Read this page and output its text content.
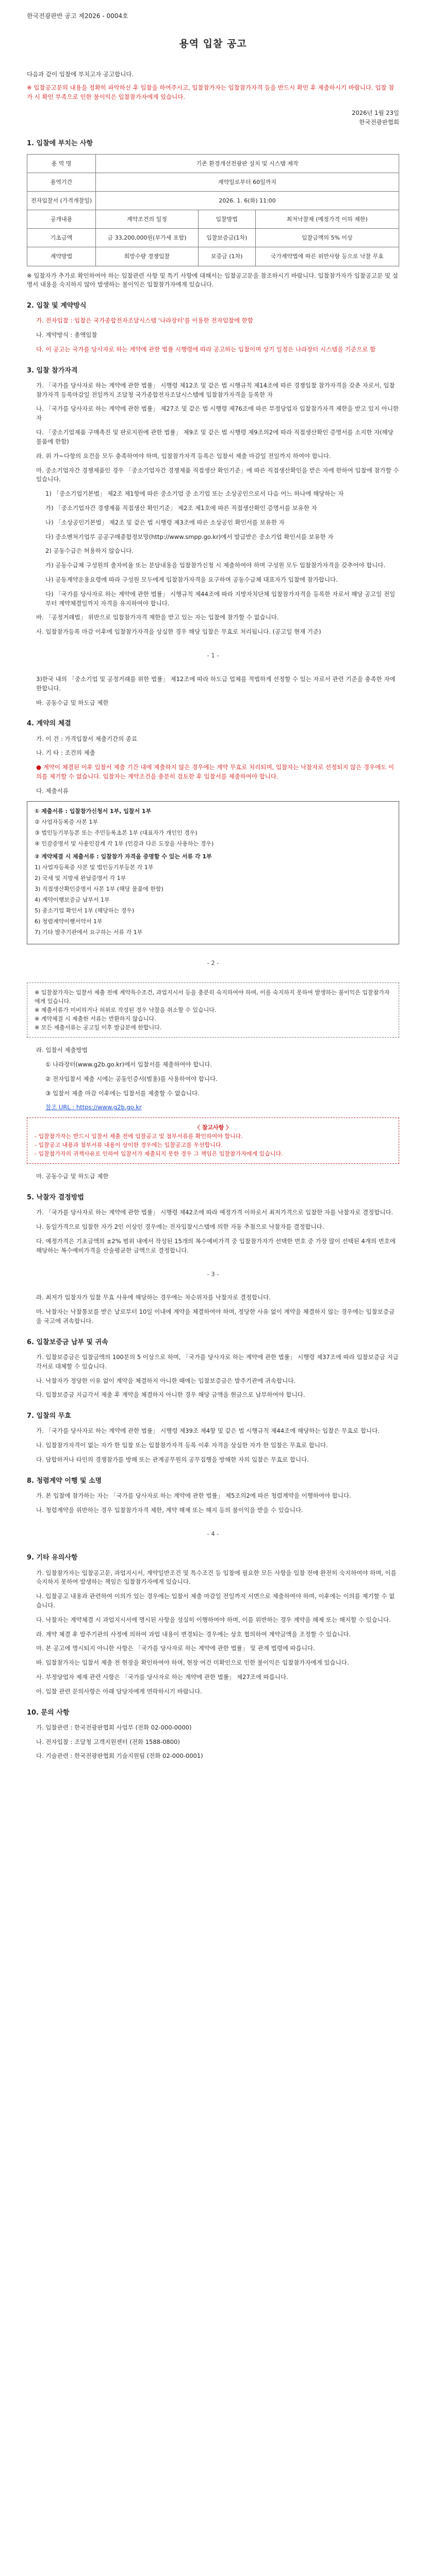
한국전광판반 공고 제2026 - 0004호
용역 입찰 공고

다음과 같이 입찰에 부치고자 공고합니다.

※ 입찰공고문의 내용을 정확히 파악하신 후 입찰을 하여주시고, 입찰참가자는 입찰참가자격 등을 반드시 확인 후 제출하시기 바랍니다. 입찰 참가 시 확인 부족으로 인한 불이익은 입찰참가자에게 있습니다.

2026년 1월 23일
한국전광판협회
1. 입찰에 부치는 사항
용 역 명	기존 환경개선전광판 설치 및 시스템 제작		
용역기간	계약일로부터 60일까지		
전자입찰서 (가격개찰일)	2026. 1. 6(화) 11:00		
공개내용	계약조건의 일정	입찰방법	최저낙찰제 (예정가격 이하 제한)
기초금액	금 33,200,000원(부가세 포함)	입찰보증금(1차)	입찰금액의 5% 이상
계약방법	희망수량 경쟁입찰	보증금 (1차)	국가계약법에 따른 위반사항 등으로 낙찰 무효

※ 입찰자가 추가로 확인하여야 하는 입찰관련 사항 및 특기 사항에 대해서는 입찰공고문을 참조하시기 바랍니다. 입찰참가자가 입찰공고문 및 설명서 내용을 숙지하지 않아 발생하는 불이익은 입찰참가자에게 있습니다.

2. 입찰 및 계약방식

가. 전자입찰 : 입찰은 국가종합전자조달시스템 '나라장터'를 이용한 전자입찰에 한함

나. 계약방식 : 총액입찰

다. 이 공고는 국가를 당사자로 하는 계약에 관한 법률 시행령에 따라 공고하는 입찰이며 상기 일정은 나라장터 시스템을 기준으로 함

3. 입찰 참가자격

가. 「국가를 당사자로 하는 계약에 관한 법률」 시행령 제12조 및 같은 법 시행규칙 제14조에 따른 경쟁입찰 참가자격을 갖춘 자로서, 입찰참가자격 등록마감일 전일까지 조달청 국가종합전자조달시스템에 입찰참가자격을 등록한 자

나. 「국가를 당사자로 하는 계약에 관한 법률」 제27조 및 같은 법 시행령 제76조에 따른 부정당업자 입찰참가자격 제한을 받고 있지 아니한 자

다. 「중소기업제품 구매촉진 및 판로지원에 관한 법률」 제9조 및 같은 법 시행령 제9조의2에 따라 직접생산확인 증명서를 소지한 자(해당 물품에 한함)

라. 위 가~다항의 요건을 모두 충족하여야 하며, 입찰참가자격 등록은 입찰서 제출 마감일 전일까지 하여야 합니다.

마. 중소기업자간 경쟁제품인 경우 「중소기업자간 경쟁제품 직접생산 확인기준」에 따른 직접생산확인을 받은 자에 한하여 입찰에 참가할 수 있습니다.

1) 「중소기업기본법」 제2조 제1항에 따른 중소기업 중 소기업 또는 소상공인으로서 다음 어느 하나에 해당하는 자

가) 「중소기업자간 경쟁제품 직접생산 확인기준」 제2조 제1호에 따른 직접생산확인 증명서를 보유한 자

나) 「소상공인기본법」 제2조 및 같은 법 시행령 제3조에 따른 소상공인 확인서를 보유한 자

다) 중소벤처기업부 공공구매종합정보망(http://www.smpp.go.kr)에서 발급받은 중소기업 확인서를 보유한 자

2) 공동수급은 허용하지 않습니다.

가) 공동수급체 구성원의 출자비율 또는 분담내용을 입찰참가신청 시 제출하여야 하며 구성원 모두 입찰참가자격을 갖추어야 합니다.

나) 공동계약운용요령에 따라 구성원 모두에게 입찰참가자격을 요구하며 공동수급체 대표자가 입찰에 참가합니다.

다) 「국가를 당사자로 하는 계약에 관한 법률」 시행규칙 제44조에 따라 지방자치단체 입찰참가자격을 등록한 자로서 해당 공고일 전일부터 계약체결일까지 자격을 유지하여야 합니다.

바. 「공정거래법」 위반으로 입찰참가자격 제한을 받고 있는 자는 입찰에 참가할 수 없습니다.

사. 입찰참가등록 마감 이후에 입찰참가자격을 상실한 경우 해당 입찰은 무효로 처리됩니다. (공고일 현재 기준)

- 1 -

3)한국 내의 「중소기업 및 공정거래를 위한 법률」 제12조에 따라 하도급 업체를 적법하게 선정할 수 있는 자로서 관련 기준을 충족한 자에 한합니다.

바. 공동수급 및 하도급 제한

4. 계약의 체결

가. 이 건 : 가격입찰서 제출기간의 종료

나. 기 타 : 조건의 제출

● 계약이 체결된 이후 입찰서 제출 기간 내에 제출하지 않은 경우에는 계약 무효로 처리되며, 입찰자는 낙찰자로 선정되지 않은 경우에도 이의를 제기할 수 없습니다. 입찰자는 계약조건을 충분히 검토한 후 입찰서를 제출하여야 합니다.

다. 제출서류

① 제출서류 : 입찰참가신청서 1부, 입찰서 1부
② 사업자등록증 사본 1부
③ 법인등기부등본 또는 주민등록초본 1부 (대표자가 개인인 경우)
④ 인감증명서 및 사용인감계 각 1부 (인감과 다른 도장을 사용하는 경우)
② 계약체결 시 제출서류 : 입찰참가 자격을 증명할 수 있는 서류 각 1부
1) 사업자등록증 사본 및 법인등기부등본 각 1부
2) 국세 및 지방세 완납증명서 각 1부
3) 직접생산확인증명서 사본 1부 (해당 물품에 한함)
4) 계약이행보증금 납부서 1부
5) 중소기업 확인서 1부 (해당하는 경우)
6) 청렴계약이행서약서 1부
7) 기타 발주기관에서 요구하는 서류 각 1부
- 2 -
※ 입찰참가자는 입찰서 제출 전에 계약특수조건, 과업지시서 등을 충분히 숙지하여야 하며, 이를 숙지하지 못하여 발생하는 불이익은 입찰참가자에게 있습니다.
※ 제출서류가 미비하거나 허위로 작성된 경우 낙찰을 취소할 수 있습니다.
※ 계약체결 시 제출한 서류는 반환하지 않습니다.
※ 모든 제출서류는 공고일 이후 발급분에 한합니다.

라. 입찰서 제출방법

① 나라장터(www.g2b.go.kr)에서 입찰서를 제출하여야 합니다.

② 전자입찰서 제출 시에는 공동인증서(범용)를 사용하여야 합니다.

③ 입찰서 제출 마감 이후에는 입찰서를 제출할 수 없습니다.

참조 URL : https://www.g2b.go.kr

〈 참고사항 〉
- 입찰참가자는 반드시 입찰서 제출 전에 입찰공고 및 첨부서류를 확인하여야 합니다.
- 입찰공고 내용과 첨부서류 내용이 상이한 경우에는 입찰공고를 우선합니다.
- 입찰참가자의 귀책사유로 인하여 입찰서가 제출되지 못한 경우 그 책임은 입찰참가자에게 있습니다.

마. 공동수급 및 하도급 제한

5. 낙찰자 결정방법

가. 「국가를 당사자로 하는 계약에 관한 법률」 시행령 제42조에 따라 예정가격 이하로서 최저가격으로 입찰한 자를 낙찰자로 결정합니다.

나. 동일가격으로 입찰한 자가 2인 이상인 경우에는 전자입찰시스템에 의한 자동 추첨으로 낙찰자를 결정합니다.

다. 예정가격은 기초금액의 ±2% 범위 내에서 작성된 15개의 복수예비가격 중 입찰참가자가 선택한 번호 중 가장 많이 선택된 4개의 번호에 해당하는 복수예비가격을 산술평균한 금액으로 결정합니다.

- 3 -

라. 최저가 입찰자가 입찰 무효 사유에 해당하는 경우에는 차순위자를 낙찰자로 결정합니다.

마. 낙찰자는 낙찰통보를 받은 날로부터 10일 이내에 계약을 체결하여야 하며, 정당한 사유 없이 계약을 체결하지 않는 경우에는 입찰보증금을 국고에 귀속합니다.

6. 입찰보증금 납부 및 귀속

가. 입찰보증금은 입찰금액의 100분의 5 이상으로 하며, 「국가를 당사자로 하는 계약에 관한 법률」 시행령 제37조에 따라 입찰보증금 지급각서로 대체할 수 있습니다.

나. 낙찰자가 정당한 이유 없이 계약을 체결하지 아니한 때에는 입찰보증금은 발주기관에 귀속합니다.

다. 입찰보증금 지급각서 제출 후 계약을 체결하지 아니한 경우 해당 금액을 현금으로 납부하여야 합니다.

7. 입찰의 무효

가. 「국가를 당사자로 하는 계약에 관한 법률」 시행령 제39조 제4항 및 같은 법 시행규칙 제44조에 해당하는 입찰은 무효로 합니다.

나. 입찰참가자격이 없는 자가 한 입찰 또는 입찰참가자격 등록 이후 자격을 상실한 자가 한 입찰은 무효로 합니다.

다. 담합하거나 타인의 경쟁참가를 방해 또는 관계공무원의 공무집행을 방해한 자의 입찰은 무효로 합니다.

8. 청렴계약 이행 및 소명

가. 본 입찰에 참가하는 자는 「국가를 당사자로 하는 계약에 관한 법률」 제5조의2에 따른 청렴계약을 이행하여야 합니다.

나. 청렴계약을 위반하는 경우 입찰참가자격 제한, 계약 해제 또는 해지 등의 불이익을 받을 수 있습니다.

- 4 -
9. 기타 유의사항

가. 입찰참가자는 입찰공고문, 과업지시서, 계약일반조건 및 특수조건 등 입찰에 필요한 모든 사항을 입찰 전에 완전히 숙지하여야 하며, 이를 숙지하지 못하여 발생하는 책임은 입찰참가자에게 있습니다.

나. 입찰공고 내용과 관련하여 이의가 있는 경우에는 입찰서 제출 마감일 전일까지 서면으로 제출하여야 하며, 이후에는 이의를 제기할 수 없습니다.

다. 낙찰자는 계약체결 시 과업지시서에 명시된 사항을 성실히 이행하여야 하며, 이를 위반하는 경우 계약을 해제 또는 해지할 수 있습니다.

라. 계약 체결 후 발주기관의 사정에 의하여 과업 내용이 변경되는 경우에는 상호 협의하여 계약금액을 조정할 수 있습니다.

마. 본 공고에 명시되지 아니한 사항은 「국가를 당사자로 하는 계약에 관한 법률」 및 관계 법령에 따릅니다.

바. 입찰참가자는 입찰서 제출 전 현장을 확인하여야 하며, 현장 여건 미확인으로 인한 불이익은 입찰참가자에게 있습니다.

사. 부정당업자 제재 관련 사항은 「국가를 당사자로 하는 계약에 관한 법률」 제27조에 따릅니다.

아. 입찰 관련 문의사항은 아래 담당자에게 연락하시기 바랍니다.

10. 문의 사항

가. 입찰관련 : 한국전광판협회 사업부 (전화 02-000-0000)

나. 전자입찰 : 조달청 고객지원센터 (전화 1588-0800)

다. 기술관련 : 한국전광판협회 기술지원팀 (전화 02-000-0001)
